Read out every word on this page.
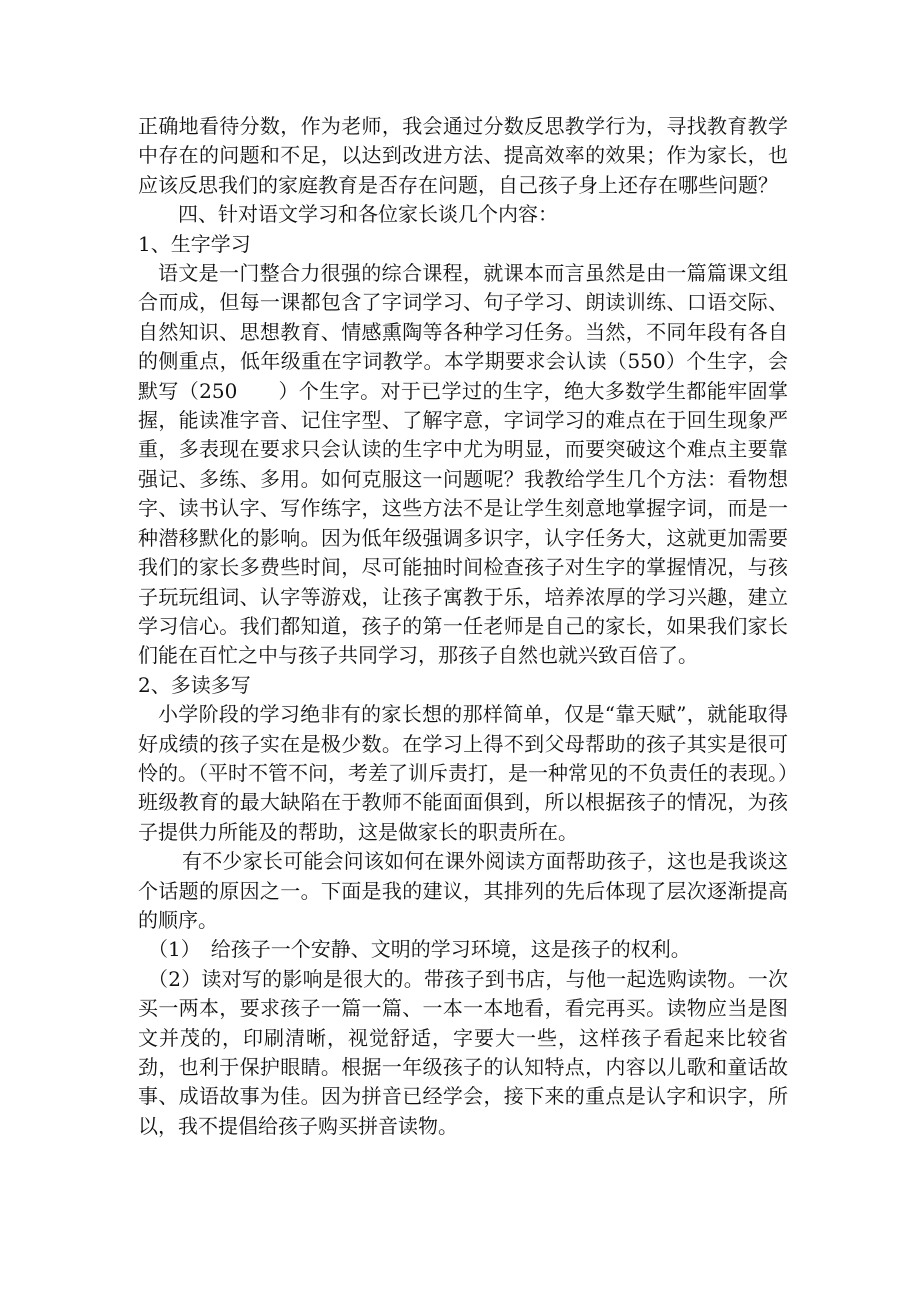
正确地看待分数，作为老师，我会通过分数反思教学行为，寻找教育教学中存在的问题和不足，以达到改进方法、提高效率的效果；作为家长，也应该反思我们的家庭教育是否存在问题，自己孩子身上还存在哪些问题？

四、针对语文学习和各位家长谈几个内容：

1、生字学习

语文是一门整合力很强的综合课程，就课本而言虽然是由一篇篇课文组合而成，但每一课都包含了字词学习、句子学习、朗读训练、口语交际、自然知识、思想教育、情感熏陶等各种学习任务。当然，不同年段有各自的侧重点，低年级重在字词教学。本学期要求会认读（550）个生字，会默写（250　　）个生字。对于已学过的生字，绝大多数学生都能牢固掌握，能读准字音、记住字型、了解字意，字词学习的难点在于回生现象严重，多表现在要求只会认读的生字中尤为明显，而要突破这个难点主要靠强记、多练、多用。如何克服这一问题呢？我教给学生几个方法：看物想字、读书认字、写作练字，这些方法不是让学生刻意地掌握字词，而是一种潜移默化的影响。因为低年级强调多识字，认字任务大，这就更加需要我们的家长多费些时间，尽可能抽时间检查孩子对生字的掌握情况，与孩子玩玩组词、认字等游戏，让孩子寓教于乐，培养浓厚的学习兴趣，建立学习信心。我们都知道，孩子的第一任老师是自己的家长，如果我们家长们能在百忙之中与孩子共同学习，那孩子自然也就兴致百倍了。

2、多读多写

小学阶段的学习绝非有的家长想的那样简单，仅是“靠天赋”，就能取得好成绩的孩子实在是极少数。在学习上得不到父母帮助的孩子其实是很可怜的。（平时不管不问，考差了训斥责打，是一种常见的不负责任的表现。）班级教育的最大缺陷在于教师不能面面俱到，所以根据孩子的情况，为孩子提供力所能及的帮助，这是做家长的职责所在。

有不少家长可能会问该如何在课外阅读方面帮助孩子，这也是我谈这个话题的原因之一。下面是我的建议，其排列的先后体现了层次逐渐提高的顺序。

（1）　给孩子一个安静、文明的学习环境，这是孩子的权利。

（2）读对写的影响是很大的。带孩子到书店，与他一起选购读物。一次买一两本，要求孩子一篇一篇、一本一本地看，看完再买。读物应当是图文并茂的，印刷清晰，视觉舒适，字要大一些，这样孩子看起来比较省劲，也利于保护眼睛。根据一年级孩子的认知特点，内容以儿歌和童话故事、成语故事为佳。因为拼音已经学会，接下来的重点是认字和识字，所以，我不提倡给孩子购买拼音读物。
